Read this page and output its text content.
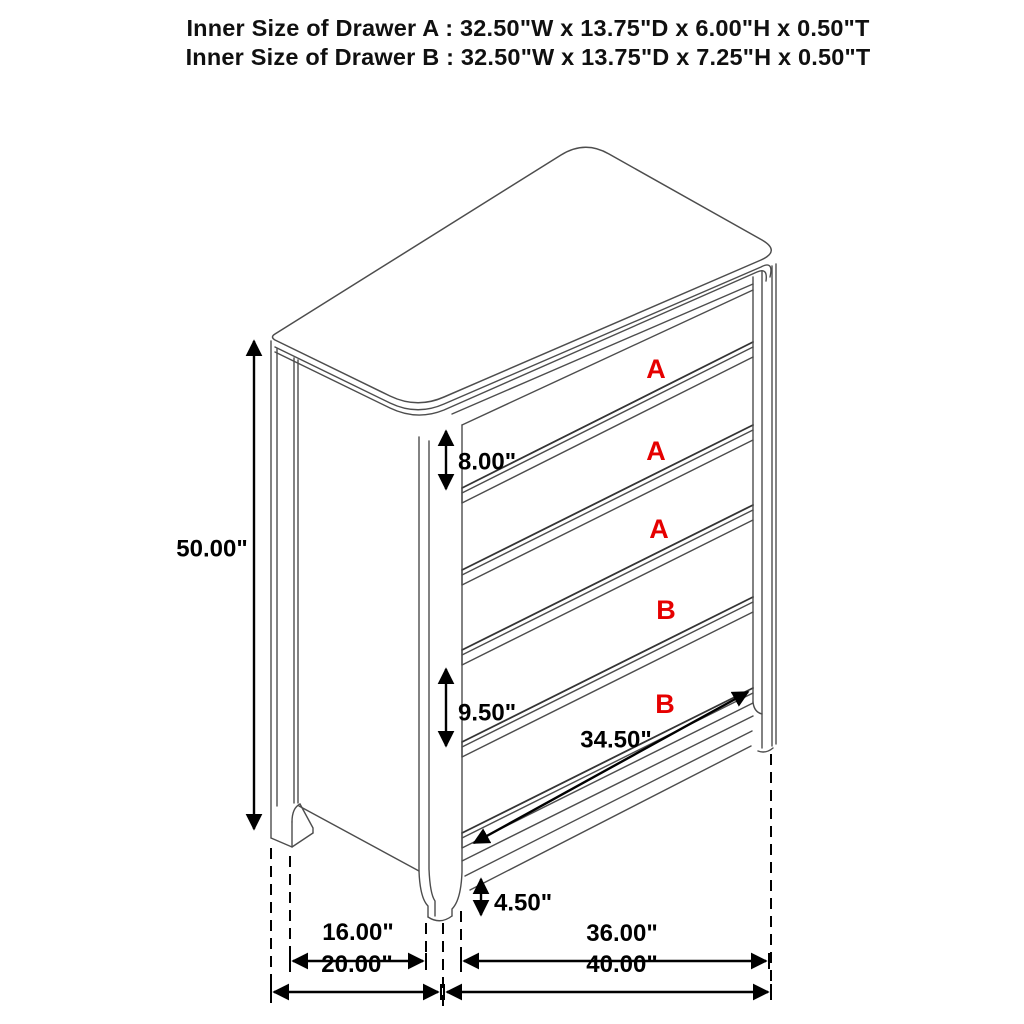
Inner Size of Drawer A : 32.50"W x 13.75"D x 6.00"H x 0.50"T
Inner Size of Drawer B : 32.50"W x 13.75"D x 7.25"H x 0.50"T
A
A
A
B
B
50.00"
8.00"
9.50"
4.50"
34.50"
16.00"	36.00"
20.00"	40.00"
